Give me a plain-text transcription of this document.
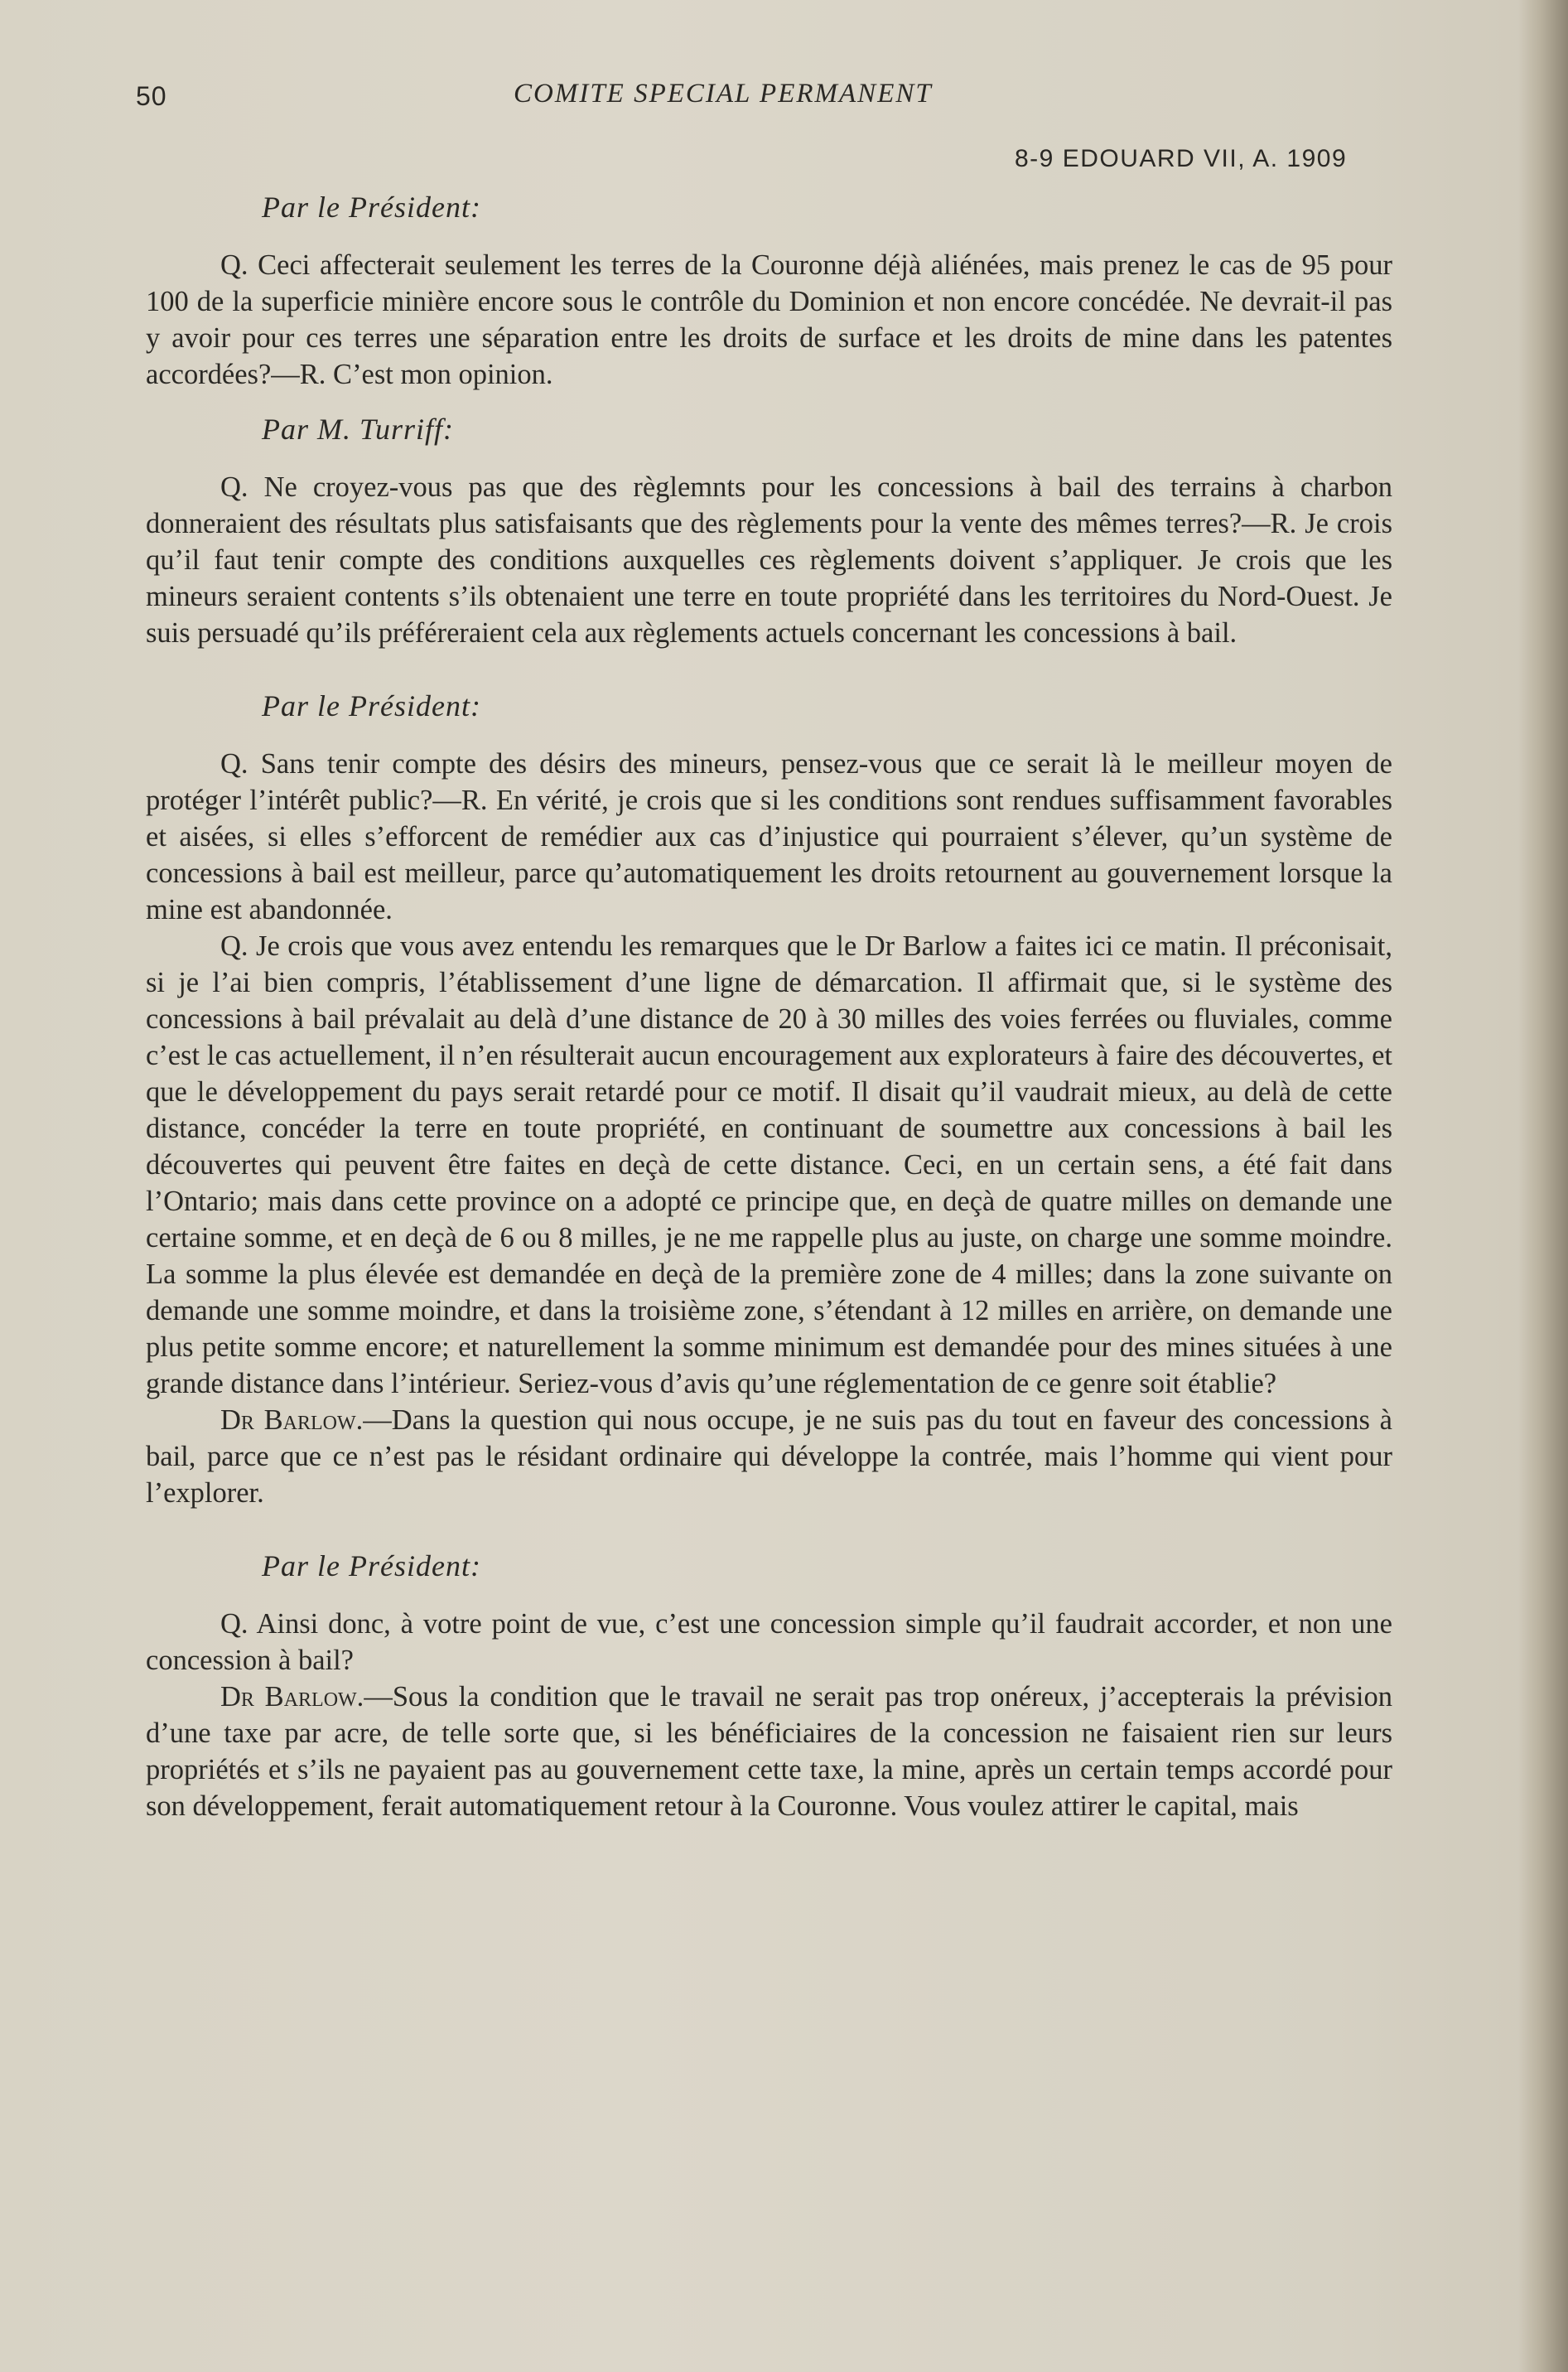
50	COMITE SPECIAL PERMANENT
8-9 EDOUARD VII, A. 1909
Par le Président:

Q. Ceci affecterait seulement les terres de la Couronne déjà aliénées, mais prenez le cas de 95 pour 100 de la superficie minière encore sous le contrôle du Dominion et non encore concédée. Ne devrait-il pas y avoir pour ces terres une séparation entre les droits de surface et les droits de mine dans les patentes accordées?—R. C’est mon opinion.

Par M. Turriff:

Q. Ne croyez-vous pas que des règlemnts pour les concessions à bail des terrains à charbon donneraient des résultats plus satisfaisants que des règlements pour la vente des mêmes terres?—R. Je crois qu’il faut tenir compte des conditions auxquelles ces règlements doivent s’appliquer. Je crois que les mineurs seraient contents s’ils obtenaient une terre en toute propriété dans les territoires du Nord-Ouest. Je suis persuadé qu’ils préféreraient cela aux règlements actuels concernant les concessions à bail.

Par le Président:

Q. Sans tenir compte des désirs des mineurs, pensez-vous que ce serait là le meilleur moyen de protéger l’intérêt public?—R. En vérité, je crois que si les conditions sont rendues suffisamment favorables et aisées, si elles s’efforcent de remédier aux cas d’injustice qui pourraient s’élever, qu’un système de concessions à bail est meilleur, parce qu’automatiquement les droits retournent au gouvernement lorsque la mine est abandonnée.

Q. Je crois que vous avez entendu les remarques que le Dr Barlow a faites ici ce matin. Il préconisait, si je l’ai bien compris, l’établissement d’une ligne de démarcation. Il affirmait que, si le système des concessions à bail prévalait au delà d’une distance de 20 à 30 milles des voies ferrées ou fluviales, comme c’est le cas actuellement, il n’en résulterait aucun encouragement aux explorateurs à faire des découvertes, et que le développement du pays serait retardé pour ce motif. Il disait qu’il vaudrait mieux, au delà de cette distance, concéder la terre en toute propriété, en continuant de soumettre aux concessions à bail les découvertes qui peuvent être faites en deçà de cette distance. Ceci, en un certain sens, a été fait dans l’Ontario; mais dans cette province on a adopté ce principe que, en deçà de quatre milles on demande une certaine somme, et en deçà de 6 ou 8 milles, je ne me rappelle plus au juste, on charge une somme moindre. La somme la plus élevée est demandée en deçà de la première zone de 4 milles; dans la zone suivante on demande une somme moindre, et dans la troisième zone, s’étendant à 12 milles en arrière, on demande une plus petite somme encore; et naturellement la somme minimum est demandée pour des mines situées à une grande distance dans l’intérieur. Seriez-vous d’avis qu’une réglementation de ce genre soit établie?

Dr Barlow.—Dans la question qui nous occupe, je ne suis pas du tout en faveur des concessions à bail, parce que ce n’est pas le résidant ordinaire qui développe la contrée, mais l’homme qui vient pour l’explorer.

Par le Président:

Q. Ainsi donc, à votre point de vue, c’est une concession simple qu’il faudrait accorder, et non une concession à bail?

Dr Barlow.—Sous la condition que le travail ne serait pas trop onéreux, j’accepterais la prévision d’une taxe par acre, de telle sorte que, si les bénéficiaires de la concession ne faisaient rien sur leurs propriétés et s’ils ne payaient pas au gouvernement cette taxe, la mine, après un certain temps accordé pour son développement, ferait automatiquement retour à la Couronne. Vous voulez attirer le capital, mais
